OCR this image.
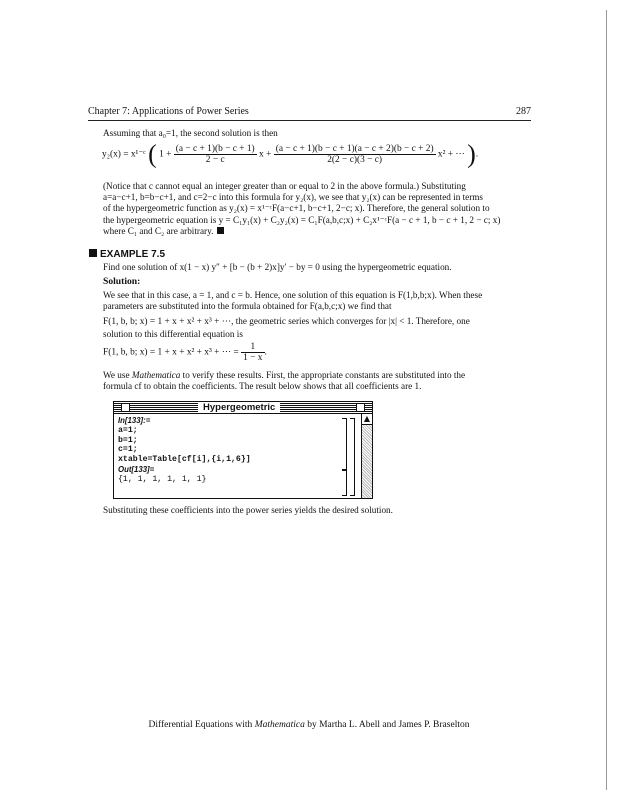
Chapter 7: Applications of Power Series	287
Assuming that a₀=1, the second solution is then
y₂(x) = x¹⁻ᶜ ( $1 + \frac{(a - c + 1)(b - c + 1)}{2 - c}$ $x + \frac{(a - c + 1)(b - c + 1)(a - c + 2)(b - c + 2)}{2(2 - c)(3 - c)} x^2$ + ⋯ ).
(Notice that c cannot equal an integer greater than or equal to 2 in the above formula.) Substituting
a=a−c+1, b=b−c+1, and c=2−c into this formula for y₂(x), we see that y₂(x) can be represented in terms
of the hypergeometric function as y₂(x) = x¹⁻ᶜF(a−c+1, b−c+1, 2−c; x). Therefore, the general solution to
the hypergeometric equation is y = C₁y₁(x) + C₂y₂(x) = C₁F(a,b,c;x) + C₂x¹⁻ᶜF(a − c + 1, b − c + 1, 2 − c; x)
where C₁ and C₂ are arbitrary.
EXAMPLE 7.5
Find one solution of x(1 − x) y″ + [b − (b + 2)x]y′ − by = 0 using the hypergeometric equation.
Solution:
We see that in this case, a = 1, and c = b. Hence, one solution of this equation is F(1,b,b;x). When these
parameters are substituted into the formula obtained for F(a,b,c;x) we find that
F(1, b, b; x) = 1 + x + x² + x³ + ⋯, the geometric series which converges for |x| < 1. Therefore, one
solution to this differential equation is
F(1, b, b; x) = 1 + x + x² + x³ + ⋯ = $\frac{1}{1 - x}$ .
We use Mathematica to verify these results. First, the appropriate constants are substituted into the
formula cf to obtain the coefficients. The result below shows that all coefficients are 1.
Hypergeometric
In[133]:=
a=1;
b=1;
c=1;
xtable=Table[cf[i],{i,1,6}]
Out[133]=
{1, 1, 1, 1, 1, 1}
▲
Substituting these coefficients into the power series yields the desired solution.
Differential Equations with Mathematica by Martha L. Abell and James P. Braselton
